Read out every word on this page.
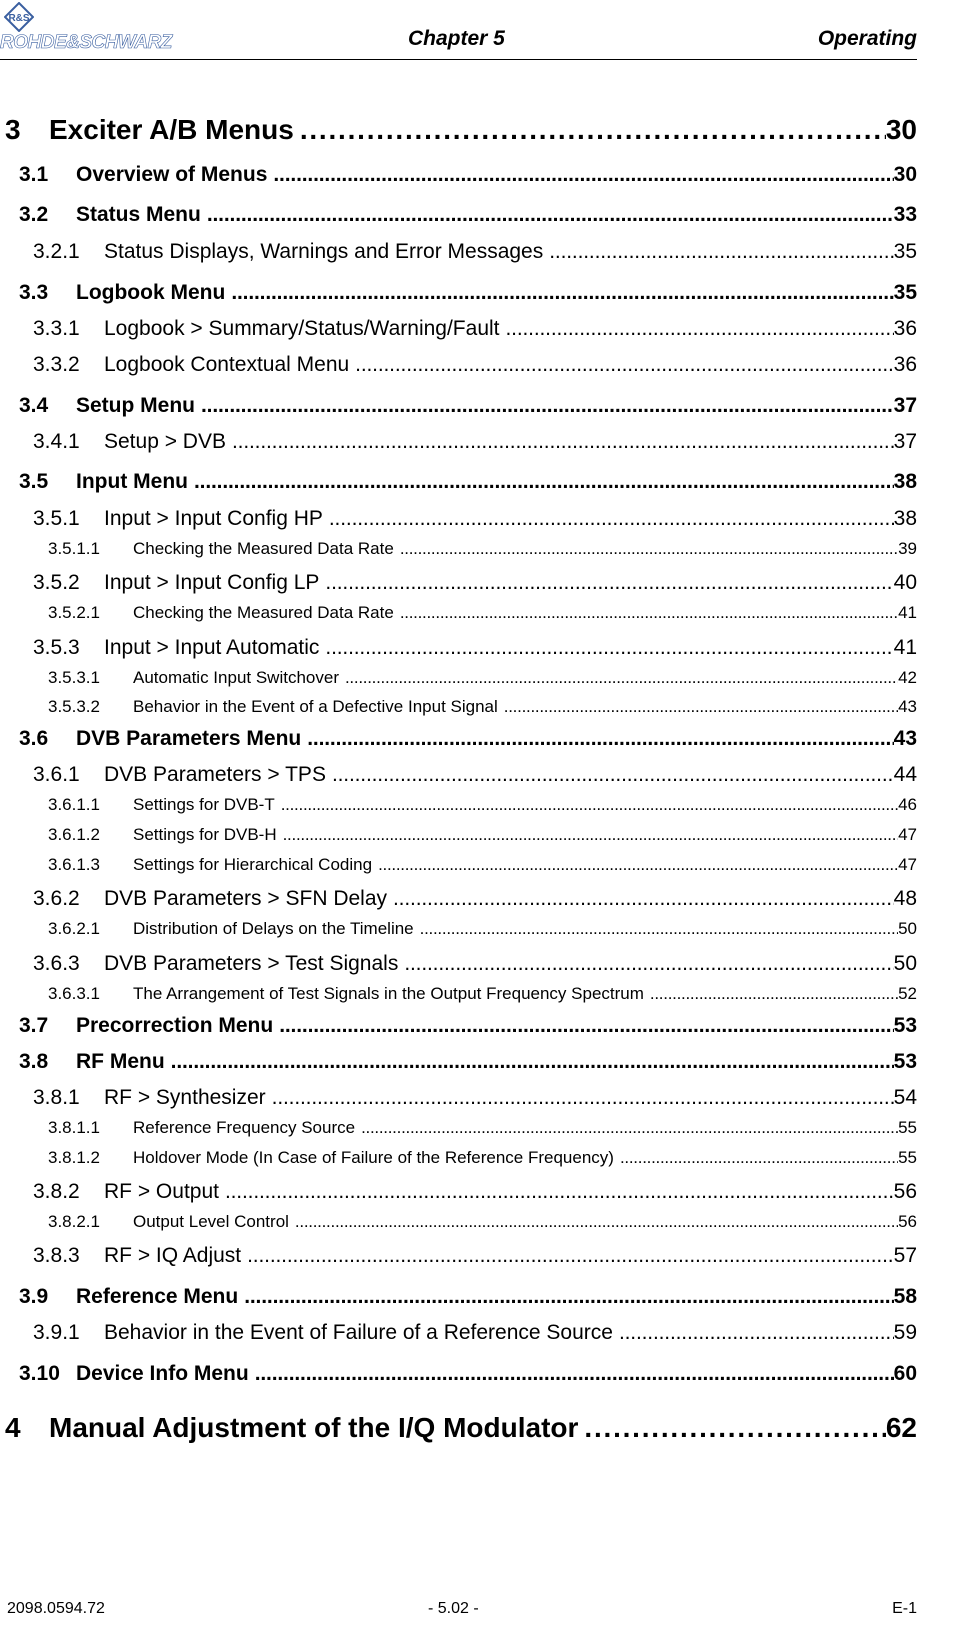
R&S
ROHDE&SCHWARZ	Chapter 5	Operating
3	Exciter A/B Menus . . .	30
3.1	Overview of Menus . . .	30
3.2	Status Menu . . .	33
3.2.1	Status Displays, Warnings and Error Messages . . .	35
3.3	Logbook Menu . . .	35
3.3.1	Logbook > Summary/Status/Warning/Fault . . .	36
3.3.2	Logbook Contextual Menu . . .	36
3.4	Setup Menu . . .	37
3.4.1	Setup > DVB . . .	37
3.5	Input Menu . . .	38
3.5.1	Input > Input Config HP . . .	38
3.5.1.1	Checking the Measured Data Rate . . .	39
3.5.2	Input > Input Config LP . . .	40
3.5.2.1	Checking the Measured Data Rate . . .	41
3.5.3	Input > Input Automatic . . .	41
3.5.3.1	Automatic Input Switchover . . .	42
3.5.3.2	Behavior in the Event of a Defective Input Signal . . .	43
3.6	DVB Parameters Menu . . .	43
3.6.1	DVB Parameters > TPS . . .	44
3.6.1.1	Settings for DVB-T . . .	46
3.6.1.2	Settings for DVB-H . . .	47
3.6.1.3	Settings for Hierarchical Coding . . .	47
3.6.2	DVB Parameters > SFN Delay . . .	48
3.6.2.1	Distribution of Delays on the Timeline . . .	50
3.6.3	DVB Parameters > Test Signals . . .	50
3.6.3.1	The Arrangement of Test Signals in the Output Frequency Spectrum . . .	52
3.7	Precorrection Menu . . .	53
3.8	RF Menu . . .	53
3.8.1	RF > Synthesizer . . .	54
3.8.1.1	Reference Frequency Source . . .	55
3.8.1.2	Holdover Mode (In Case of Failure of the Reference Frequency) . . .	55
3.8.2	RF > Output . . .	56
3.8.2.1	Output Level Control . . .	56
3.8.3	RF > IQ Adjust . . .	57
3.9	Reference Menu . . .	58
3.9.1	Behavior in the Event of Failure of a Reference Source . . .	59
3.10 Device Info Menu . . .	60
4	Manual Adjustment of the I/Q Modulator . . .	62
2098.0594.72	- 5.02 -	E-1
